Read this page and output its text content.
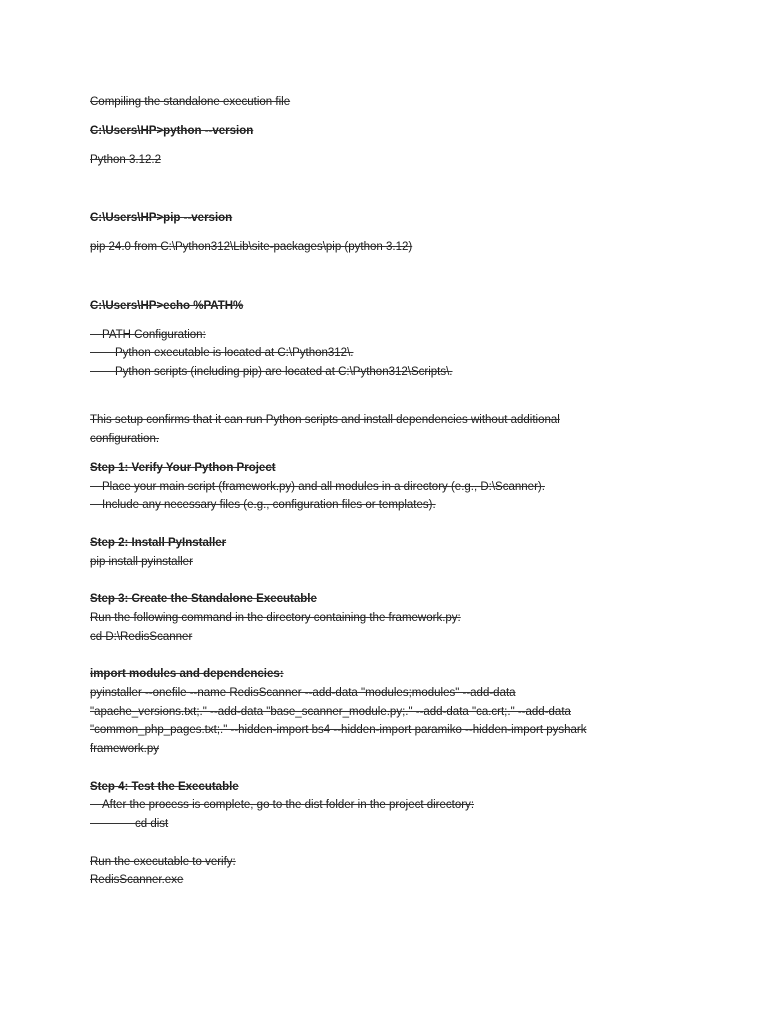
Compiling the standalone execution file
C:\Users\HP>python --version
Python 3.12.2
C:\Users\HP>pip --version
pip 24.0 from C:\Python312\Lib\site-packages\pip (python 3.12)
C:\Users\HP>echo %PATH%
PATH Configuration:
Python executable is located at C:\Python312\.
Python scripts (including pip) are located at C:\Python312\Scripts\.
This setup confirms that it can run Python scripts and install dependencies without additional
configuration.
Step 1: Verify Your Python Project
Place your main script (framework.py) and all modules in a directory (e.g., D:\Scanner).
Include any necessary files (e.g., configuration files or templates).
Step 2: Install PyInstaller
pip install pyinstaller
Step 3: Create the Standalone Executable
Run the following command in the directory containing the framework.py:
cd D:\RedisScanner
import modules and dependencies:
pyinstaller --onefile --name RedisScanner --add-data "modules;modules" --add-data
"apache_versions.txt;." --add-data "base_scanner_module.py;." --add-data "ca.crt;." --add-data
"common_php_pages.txt;." --hidden-import bs4 --hidden-import paramiko --hidden-import pyshark
framework.py
Step 4: Test the Executable
After the process is complete, go to the dist folder in the project directory:
cd dist
Run the executable to verify:
RedisScanner.exe
